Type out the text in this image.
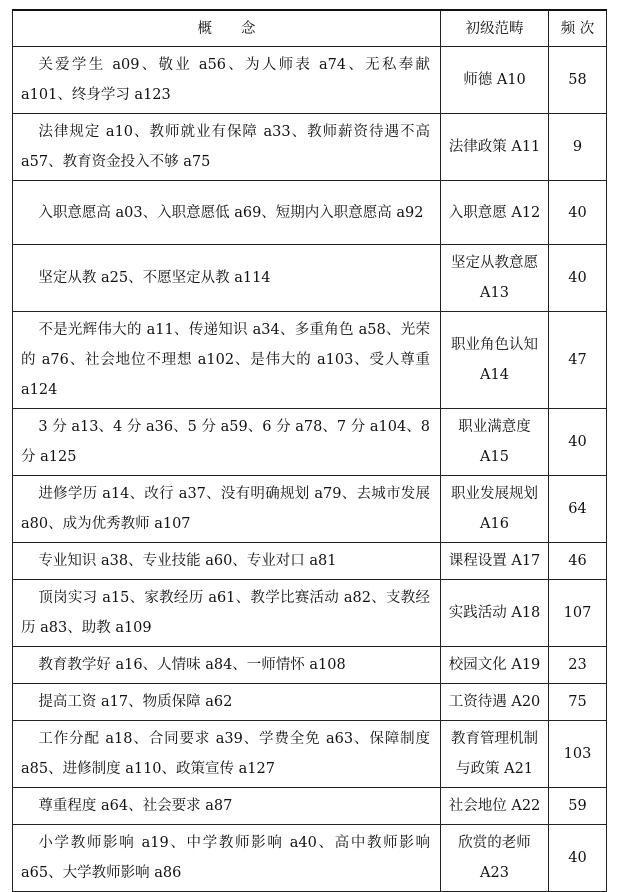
概　　念	初级范畴	频 次

关爱学生 a09、敬业 a56、为人师表 a74、无私奉献 a101、终身学习 a123	师德 A10	58

法律规定 a10、教师就业有保障 a33、教师薪资待遇不高 a57、教育资金投入不够 a75	法律政策 A11	9

入职意愿高 a03、入职意愿低 a69、短期内入职意愿高 a92	入职意愿 A12	40

坚定从教 a25、不愿坚定从教 a114	坚定从教意愿 A13	40

不是光辉伟大的 a11、传递知识 a34、多重角色 a58、光荣的 a76、社会地位不理想 a102、是伟大的 a103、受人尊重 a124	职业角色认知 A14	47

3 分 a13、4 分 a36、5 分 a59、6 分 a78、7 分 a104、8 分 a125	职业满意度 A15	40

进修学历 a14、改行 a37、没有明确规划 a79、去城市发展 a80、成为优秀教师 a107	职业发展规划 A16	64

专业知识 a38、专业技能 a60、专业对口 a81	课程设置 A17	46

顶岗实习 a15、家教经历 a61、教学比赛活动 a82、支教经历 a83、助教 a109	实践活动 A18	107

教育教学好 a16、人情味 a84、一师情怀 a108	校园文化 A19	23

提高工资 a17、物质保障 a62	工资待遇 A20	75

工作分配 a18、合同要求 a39、学费全免 a63、保障制度 a85、进修制度 a110、政策宣传 a127	教育管理机制与政策 A21	103

尊重程度 a64、社会要求 a87	社会地位 A22	59

小学教师影响 a19、中学教师影响 a40、高中教师影响 a65、大学教师影响 a86	欣赏的老师 A23	40
